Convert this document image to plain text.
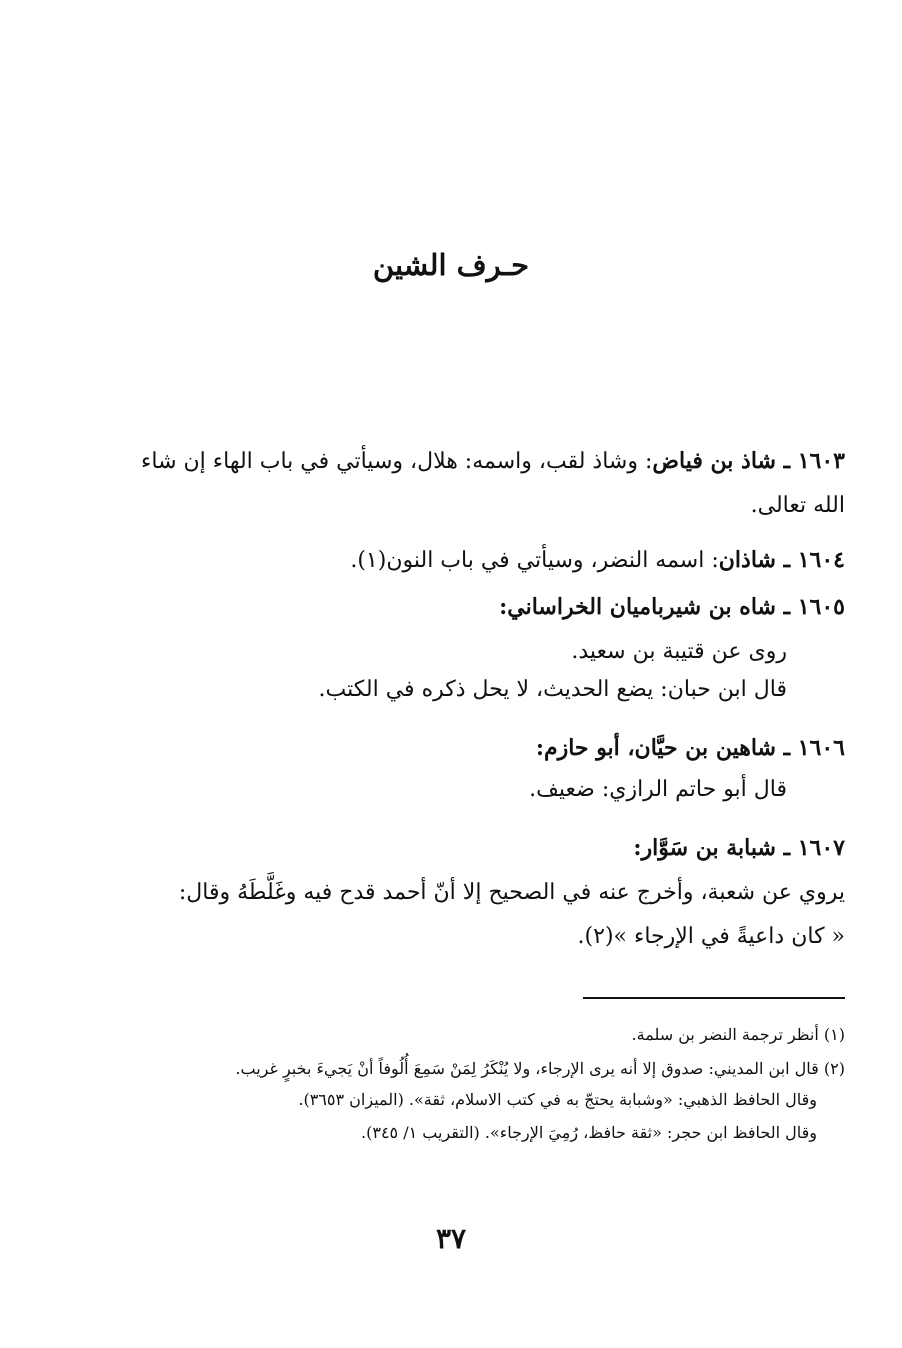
حـرف الشين
١٦٠٣ ـ شاذ بن فياض: وشاذ لقب، واسمه: هلال، وسيأتي في باب الهاء إن شاء
الله تعالى.
١٦٠٤ ـ شاذان: اسمه النضر، وسيأتي في باب النون(١).
١٦٠٥ ـ شاه بن شيرباميان الخراساني:
روى عن قتيبة بن سعيد.
قال ابن حبان: يضع الحديث، لا يحل ذكره في الكتب.
١٦٠٦ ـ شاهين بن حيَّان، أبو حازم:
قال أبو حاتم الرازي: ضعيف.
١٦٠٧ ـ شبابة بن سَوَّار:
يروي عن شعبة، وأخرج عنه في الصحيح إلا أنّ أحمد قدح فيه وغَلَّطَهُ وقال:
« كان داعيةً في الإرجاء »(٢).
(١) أنظر ترجمة النضر بن سلمة.
(٢) قال ابن المديني: صدوق إلا أنه يرى الإرجاء، ولا يُنْكَرُ لِمَنْ سَمِعَ أُلُوفاً أنْ يَجيءَ بخبرٍ غريب.
وقال الحافظ الذهبي: «وشبابة يحتجّ به في كتب الاسلام، ثقة». (الميزان ٣٦٥٣).
وقال الحافظ ابن حجر: «ثقة حافظ، رُمِيَ الإرجاء». (التقريب ١/ ٣٤٥).
٣٧
